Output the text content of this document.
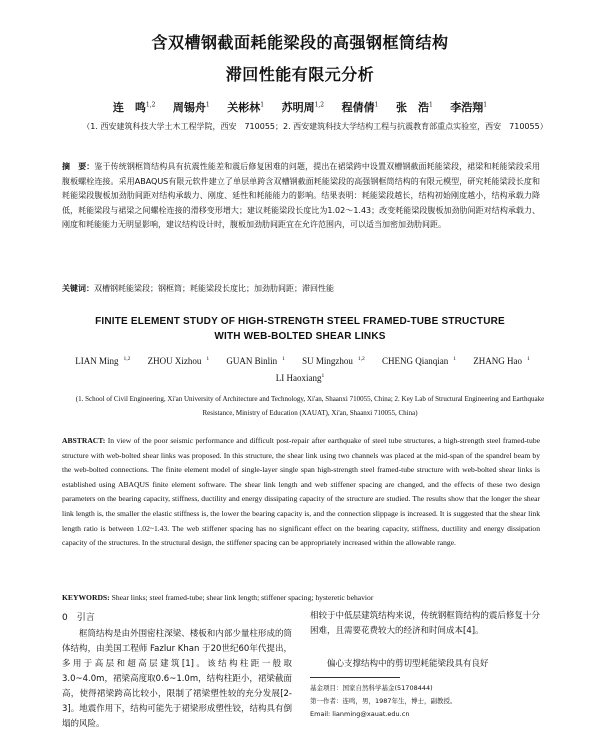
含双槽钢截面耗能梁段的高强钢框筒结构
滞回性能有限元分析
连　鸣$^{1,2}$ 周锡舟$^1$ 关彬林$^1$ 苏明周$^{1,2}$ 程倩倩$^1$ 张　浩$^1$ 李浩翔$^1$
（1. 西安建筑科技大学土木工程学院，西安　710055；2. 西安建筑科技大学结构工程与抗震教育部重点实验室，西安　710055）
摘　要：鉴于传统钢框筒结构具有抗震性能差和震后修复困难的问题，提出在裙梁跨中设置双槽钢截面耗能梁段，裙梁和耗能梁段采用腹板螺栓连接。采用ABAQUS有限元软件建立了单层单跨含双槽钢截面耗能梁段的高强钢框筒结构的有限元模型，研究耗能梁段长度和耗能梁段腹板加劲肋间距对结构承载力、刚度、延性和耗能能力的影响。结果表明：耗能梁段越长，结构初始刚度越小，结构承载力降低，耗能梁段与裙梁之间螺栓连接的滑移变形增大；建议耗能梁段长度比为1.02～1.43；改变耗能梁段腹板加劲肋间距对结构承载力、刚度和耗能能力无明显影响，建议结构设计时，腹板加劲肋间距宜在允许范围内，可以适当加密加劲肋间距。
关键词：双槽钢耗能梁段；钢框筒；耗能梁段长度比；加劲肋间距；滞回性能
FINITE ELEMENT STUDY OF HIGH-STRENGTH STEEL FRAMED-TUBE STRUCTURE
WITH WEB-BOLTED SHEAR LINKS
LIAN Ming $^{1,2}$ ZHOU Xizhou $^1$ GUAN Binlin $^1$ SU Mingzhou $^{1,2}$ CHENG Qianqian $^1$ ZHANG Hao $^1$
LI Haoxiang$^1$
(1. School of Civil Engineering, Xi'an University of Architecture and Technology, Xi'an, Shaanxi 710055, China; 2. Key Lab of Structural Engineering and Earthquake Resistance, Ministry of Education (XAUAT), Xi'an, Shaanxi 710055, China)
ABSTRACT: In view of the poor seismic performance and difficult post-repair after earthquake of steel tube structures, a high-strength steel framed-tube structure with web-bolted shear links was proposed. In this structure, the shear link using two channels was placed at the mid-span of the spandrel beam by the web-bolted connections. The finite element model of single-layer single span high-strength steel framed-tube structure with web-bolted shear links is established using ABAQUS finite element software. The shear link length and web stiffener spacing are changed, and the effects of these two design parameters on the bearing capacity, stiffness, ductility and energy dissipating capacity of the structure are studied. The results show that the longer the shear link length is, the smaller the elastic stiffness is, the lower the bearing capacity is, and the connection slippage is increased. It is suggested that the shear link length ratio is between 1.02~1.43. The web stiffener spacing has no significant effect on the bearing capacity, stiffness, ductility and energy dissipation capacity of the structures. In the structural design, the stiffener spacing can be appropriately increased within the allowable range.
KEYWORDS: Shear links; steel framed-tube; shear link length; stiffener spacing; hysteretic behavior
0　引言
框筒结构是由外围密柱深梁、楼板和内部少量柱形成的筒体结构，由美国工程师 Fazlur Khan 于20世纪60年代提出，多用于高层和超高层建筑[1]。该结构柱距一般取3.0~4.0m，裙梁高度取0.6~1.0m，结构柱距小，裙梁截面高，使得裙梁跨高比较小，限制了裙梁塑性较的充分发展[2-3]。地震作用下，结构可能先于裙梁形成塑性铰，结构具有倒塌的风险。
相较于中低层建筑结构来说，传统钢框筒结构的震后修复十分困难，且需要花费较大的经济和时间成本[4]。
偏心支撑结构中的剪切型耗能梁段具有良好
基金项目：国家自然科学基金(51708444)
第一作者：连鸣，男，1987年生，博士，副教授。
Email: lianming@xauat.edu.cn
